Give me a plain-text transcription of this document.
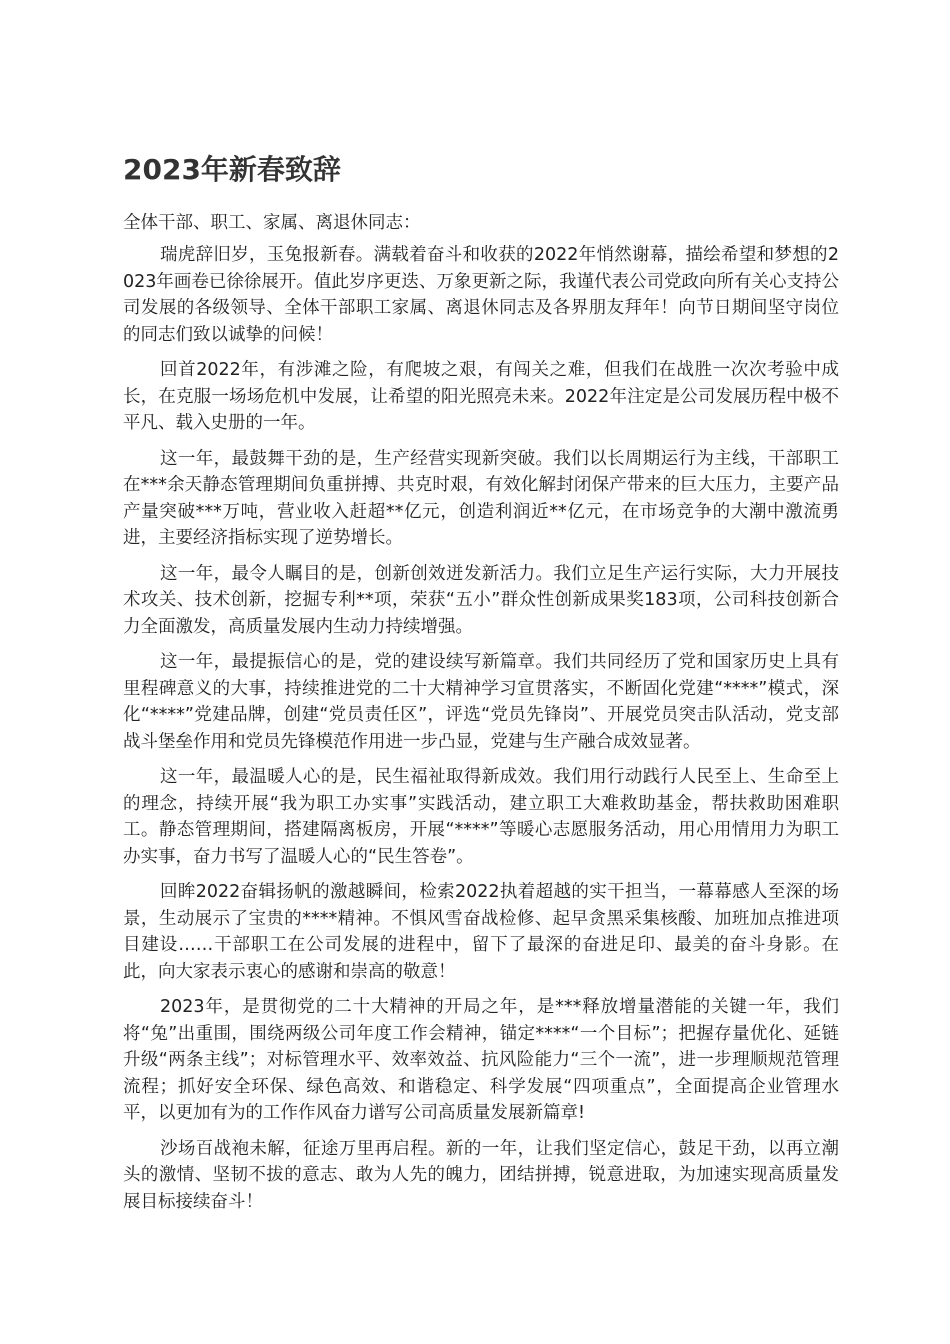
2023年新春致辞

全体干部、职工、家属、离退休同志：

瑞虎辞旧岁，玉兔报新春。满载着奋斗和收获的2022年悄然谢幕，描绘希望和梦想的2023年画卷已徐徐展开。值此岁序更迭、万象更新之际，我谨代表公司党政向所有关心支持公司发展的各级领导、全体干部职工家属、离退休同志及各界朋友拜年！向节日期间坚守岗位的同志们致以诚挚的问候！

回首2022年，有涉滩之险，有爬坡之艰，有闯关之难，但我们在战胜一次次考验中成长，在克服一场场危机中发展，让希望的阳光照亮未来。2022年注定是公司发展历程中极不平凡、载入史册的一年。

这一年，最鼓舞干劲的是，生产经营实现新突破。我们以长周期运行为主线，干部职工在***余天静态管理期间负重拼搏、共克时艰，有效化解封闭保产带来的巨大压力，主要产品产量突破***万吨，营业收入赶超**亿元，创造利润近**亿元，在市场竞争的大潮中激流勇进，主要经济指标实现了逆势增长。

这一年，最令人瞩目的是，创新创效迸发新活力。我们立足生产运行实际，大力开展技术攻关、技术创新，挖掘专利**项，荣获“五小”群众性创新成果奖183项，公司科技创新合力全面激发，高质量发展内生动力持续增强。

这一年，最提振信心的是，党的建设续写新篇章。我们共同经历了党和国家历史上具有里程碑意义的大事，持续推进党的二十大精神学习宣贯落实，不断固化党建“****”模式，深化“****”党建品牌，创建“党员责任区”，评选“党员先锋岗”、开展党员突击队活动，党支部战斗堡垒作用和党员先锋模范作用进一步凸显，党建与生产融合成效显著。

这一年，最温暖人心的是，民生福祉取得新成效。我们用行动践行人民至上、生命至上的理念，持续开展“我为职工办实事”实践活动，建立职工大难救助基金，帮扶救助困难职工。静态管理期间，搭建隔离板房，开展“****”等暖心志愿服务活动，用心用情用力为职工办实事，奋力书写了温暖人心的“民生答卷”。

回眸2022奋辑扬帆的激越瞬间，检索2022执着超越的实干担当，一幕幕感人至深的场景，生动展示了宝贵的****精神。不惧风雪奋战检修、起早贪黑采集核酸、加班加点推进项目建设……干部职工在公司发展的进程中，留下了最深的奋进足印、最美的奋斗身影。在此，向大家表示衷心的感谢和崇高的敬意！

2023年，是贯彻党的二十大精神的开局之年，是***释放增量潜能的关键一年，我们将“兔”出重围，围绕两级公司年度工作会精神，锚定****“一个目标”；把握存量优化、延链升级“两条主线”；对标管理水平、效率效益、抗风险能力“三个一流”，进一步理顺规范管理流程；抓好安全环保、绿色高效、和谐稳定、科学发展“四项重点”，全面提高企业管理水平，以更加有为的工作作风奋力谱写公司高质量发展新篇章!

沙场百战袍未解，征途万里再启程。新的一年，让我们坚定信心，鼓足干劲，以再立潮头的激情、坚韧不拔的意志、敢为人先的魄力，团结拼搏，锐意进取，为加速实现高质量发展目标接续奋斗！
